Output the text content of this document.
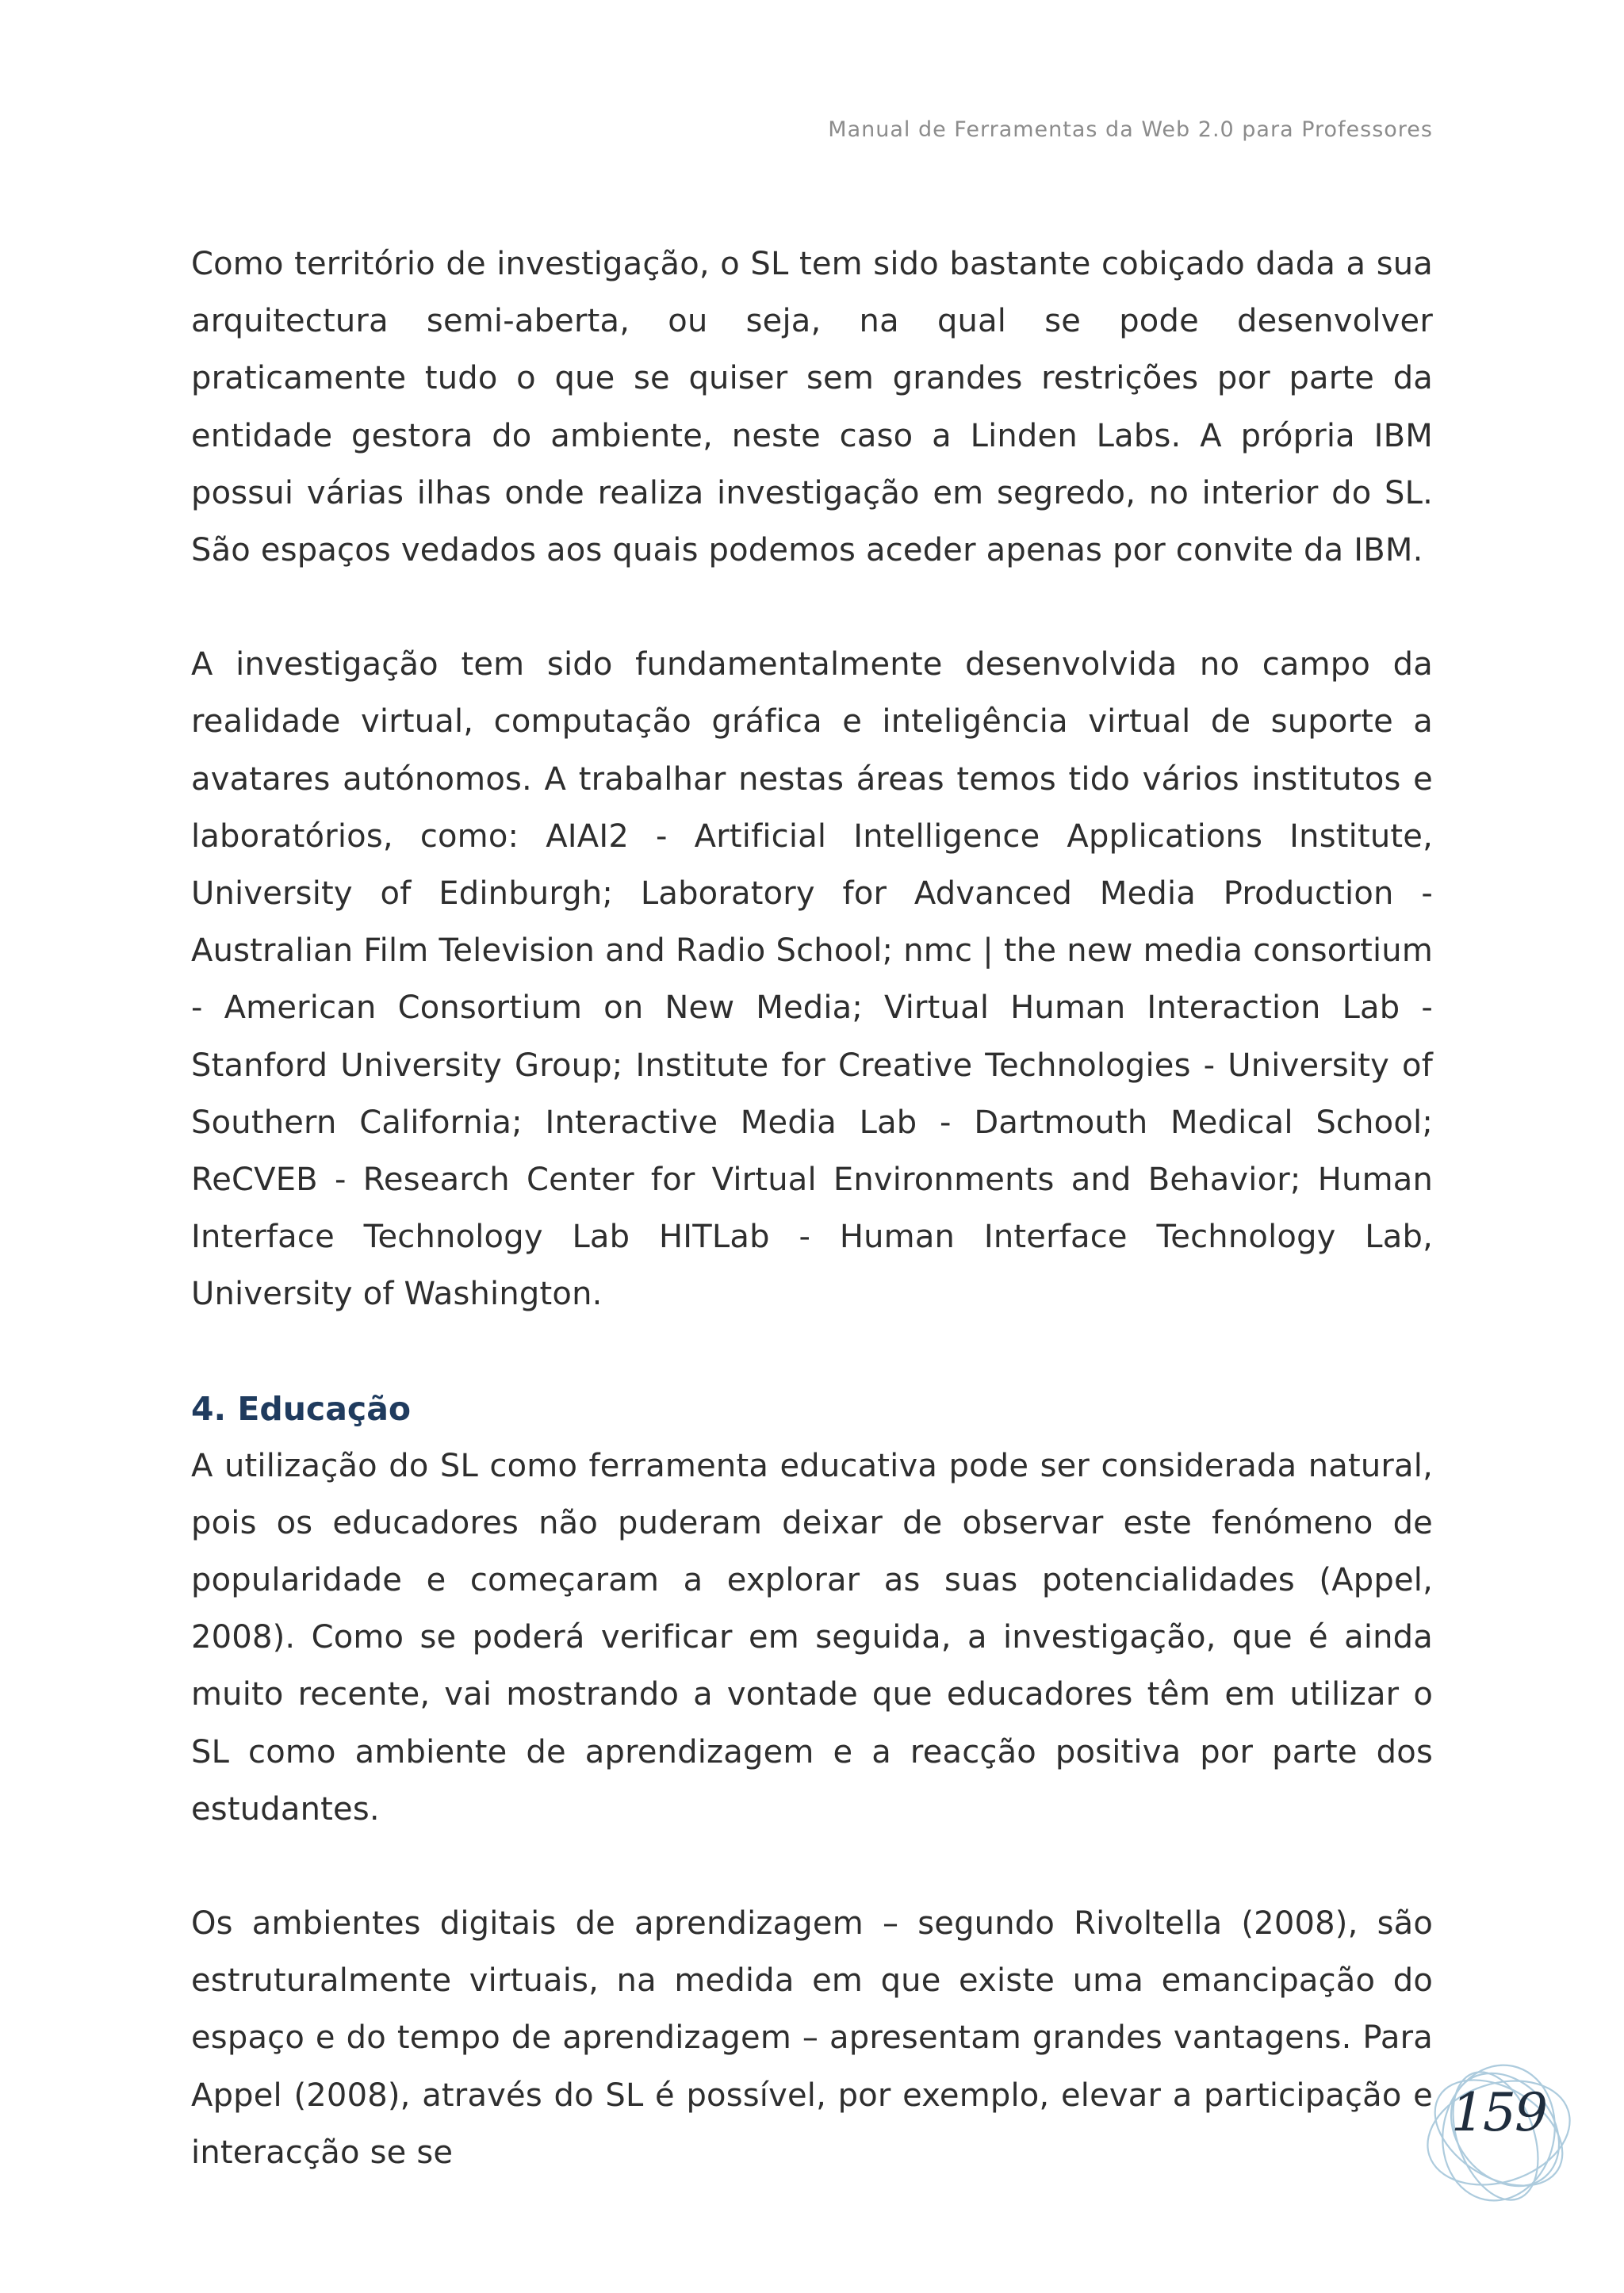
Manual de Ferramentas da Web 2.0 para Professores

Como território de investigação, o SL tem sido bastante cobiçado dada a sua arquitectura semi-aberta, ou seja, na qual se pode desenvolver praticamente tudo o que se quiser sem grandes restrições por parte da entidade gestora do ambiente, neste caso a Linden Labs. A própria IBM possui várias ilhas onde realiza investigação em segredo, no interior do SL. São espaços vedados aos quais podemos aceder apenas por convite da IBM.

A investigação tem sido fundamentalmente desenvolvida no campo da realidade virtual, computação gráfica e inteligência virtual de suporte a avatares autónomos. A trabalhar nestas áreas temos tido vários institutos e laboratórios, como: AIAI2 - Artificial Intelligence Applications Institute, University of Edinburgh; Laboratory for Advanced Media Production - Australian Film Television and Radio School; nmc | the new media consortium - American Consortium on New Media; Virtual Human Interaction Lab - Stanford University Group; Institute for Creative Technologies - University of Southern California; Interactive Media Lab - Dartmouth Medical School; ReCVEB - Research Center for Virtual Environments and Behavior; Human Interface Technology Lab HITLab - Human Interface Technology Lab, University of Washington.

4. Educação

A utilização do SL como ferramenta educativa pode ser considerada natural, pois os educadores não puderam deixar de observar este fenómeno de popularidade e começaram a explorar as suas potencialidades (Appel, 2008). Como se poderá verificar em seguida, a investigação, que é ainda muito recente, vai mostrando a vontade que educadores têm em utilizar o SL como ambiente de aprendizagem e a reacção positiva por parte dos estudantes.

Os ambientes digitais de aprendizagem – segundo Rivoltella (2008), são estruturalmente virtuais, na medida em que existe uma emancipação do espaço e do tempo de aprendizagem – apresentam grandes vantagens. Para Appel (2008), através do SL é possível, por exemplo, elevar a participação e interacção se se

159
